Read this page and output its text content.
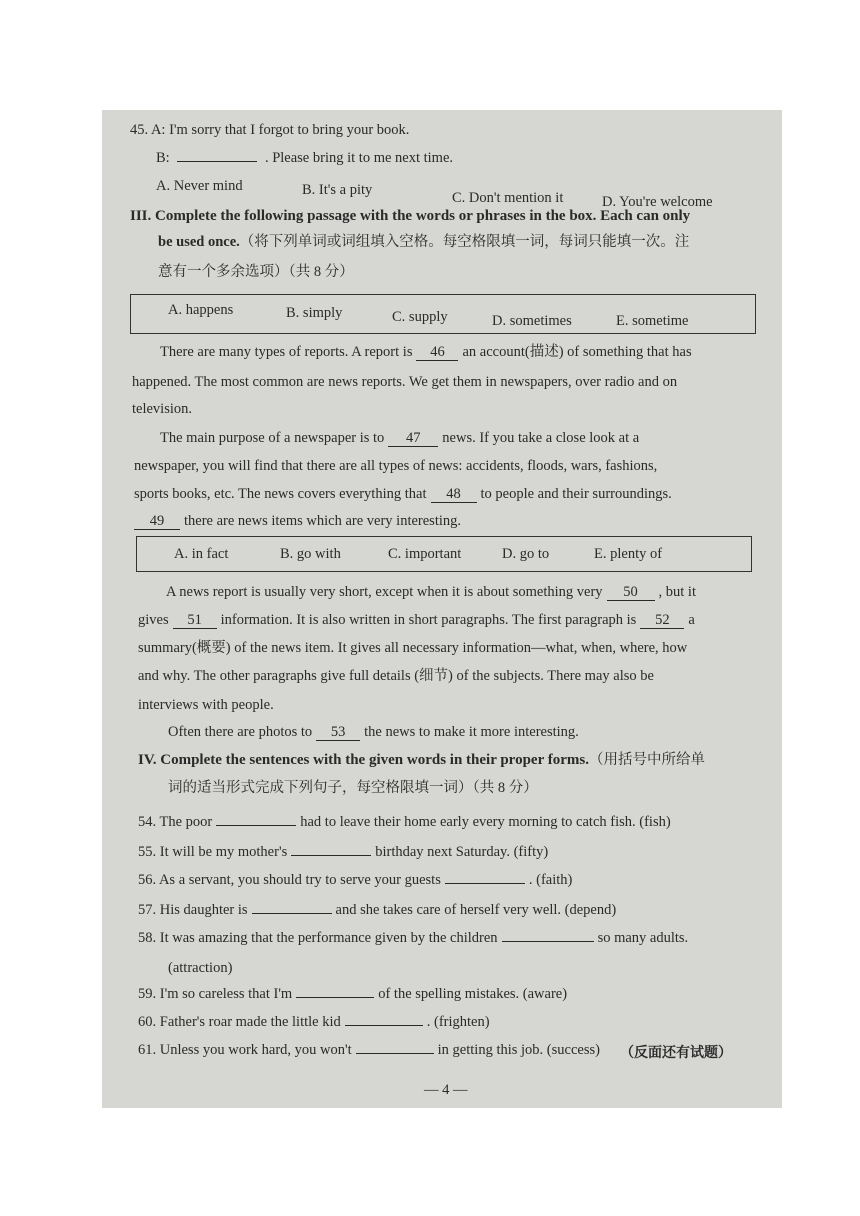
45. A: I'm sorry that I forgot to bring your book.
B:	. Please bring it to me next time.
A. Never mind	B. It's a pity	C. Don't mention it	D. You're welcome
III. Complete the following passage with the words or phrases in the box. Each can only
be used once.（将下列单词或词组填入空格。每空格限填一词，每词只能填一次。注
意有一个多余选项）（共 8 分）
A. happens	B. simply	C. supply	D. sometimes	E. sometime
There are many types of reports. A report is 46 an account(描述) of something that has
happened. The most common are news reports. We get them in newspapers, over radio and on
television.
The main purpose of a newspaper is to 47 news. If you take a close look at a
newspaper, you will find that there are all types of news: accidents, floods, wars, fashions,
sports books, etc. The news covers everything that 48 to people and their surroundings.
49 there are news items which are very interesting.
A. in fact	B. go with	C. important	D. go to	E. plenty of
A news report is usually very short, except when it is about something very 50 , but it
gives 51 information. It is also written in short paragraphs. The first paragraph is 52 a
summary(概要) of the news item. It gives all necessary information—what, when, where, how
and why. The other paragraphs give full details (细节) of the subjects. There may also be
interviews with people.
Often there are photos to 53 the news to make it more interesting.
IV. Complete the sentences with the given words in their proper forms.（用括号中所给单
词的适当形式完成下列句子，每空格限填一词）（共 8 分）
54. The poor	had to leave their home early every morning to catch fish. (fish)
55. It will be my mother's	birthday next Saturday. (fifty)
56. As a servant, you should try to serve your guests	. (faith)
57. His daughter is	and she takes care of herself very well. (depend)
58. It was amazing that the performance given by the children	so many adults.
(attraction)
59. I'm so careless that I'm	of the spelling mistakes. (aware)
60. Father's roar made the little kid	. (frighten)
61. Unless you work hard, you won't	in getting this job. (success) （反面还有试题）
— 4 —
